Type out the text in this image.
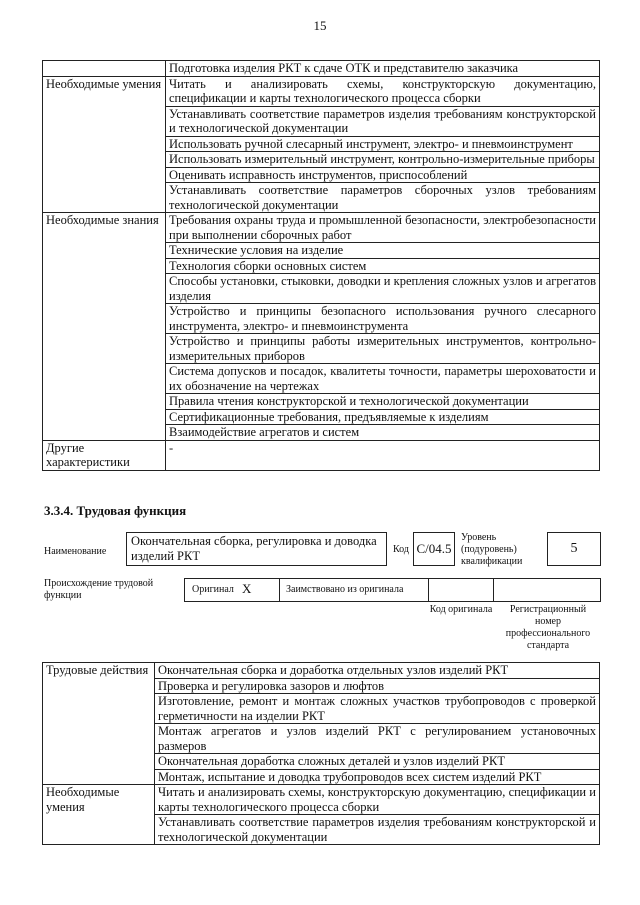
15
	Подготовка изделия РКТ к сдаче ОТК и представителю заказчика
Необходимые умения	Читать и анализировать схемы, конструкторскую документацию, спецификации и карты технологического процесса сборки
	Устанавливать соответствие параметров изделия требованиям конструкторской и технологической документации
	Использовать ручной слесарный инструмент, электро- и пневмоинструмент
	Использовать измерительный инструмент, контрольно-измерительные приборы
	Оценивать исправность инструментов, приспособлений
	Устанавливать соответствие параметров сборочных узлов требованиям технологической документации
Необходимые знания	Требования охраны труда и промышленной безопасности, электробезопасности при выполнении сборочных работ
	Технические условия на изделие
	Технология сборки основных систем
	Способы установки, стыковки, доводки и крепления сложных узлов и агрегатов изделия
	Устройство и принципы безопасного использования ручного слесарного инструмента, электро- и пневмоинструмента
	Устройство и принципы работы измерительных инструментов, контрольно-измерительных приборов
	Система допусков и посадок, квалитеты точности, параметры шероховатости и их обозначение на чертежах
	Правила чтения конструкторской и технологической документации
	Сертификационные требования, предъявляемые к изделиям
	Взаимодействие агрегатов и систем
Другие характеристики	-
3.3.4. Трудовая функция
Наименование
Окончательная сборка, регулировка и доводка изделий РКТ	Код С/04.5
Уровень (подуровень) квалификации
5
Происхождение трудовой функции
Оригинал X	Заимствовано из оригинала
Код оригинала	Регистрационный номер профессионального стандарта
Трудовые действия	Окончательная сборка и доработка отдельных узлов изделий РКТ
	Проверка и регулировка зазоров и люфтов
	Изготовление, ремонт и монтаж сложных участков трубопроводов с проверкой герметичности на изделии РКТ
	Монтаж агрегатов и узлов изделий РКТ с регулированием установочных размеров
	Окончательная доработка сложных деталей и узлов изделий РКТ
	Монтаж, испытание и доводка трубопроводов всех систем изделий РКТ
Необходимые умения	Читать и анализировать схемы, конструкторскую документацию, спецификации и карты технологического процесса сборки
	Устанавливать соответствие параметров изделия требованиям конструкторской и технологической документации
